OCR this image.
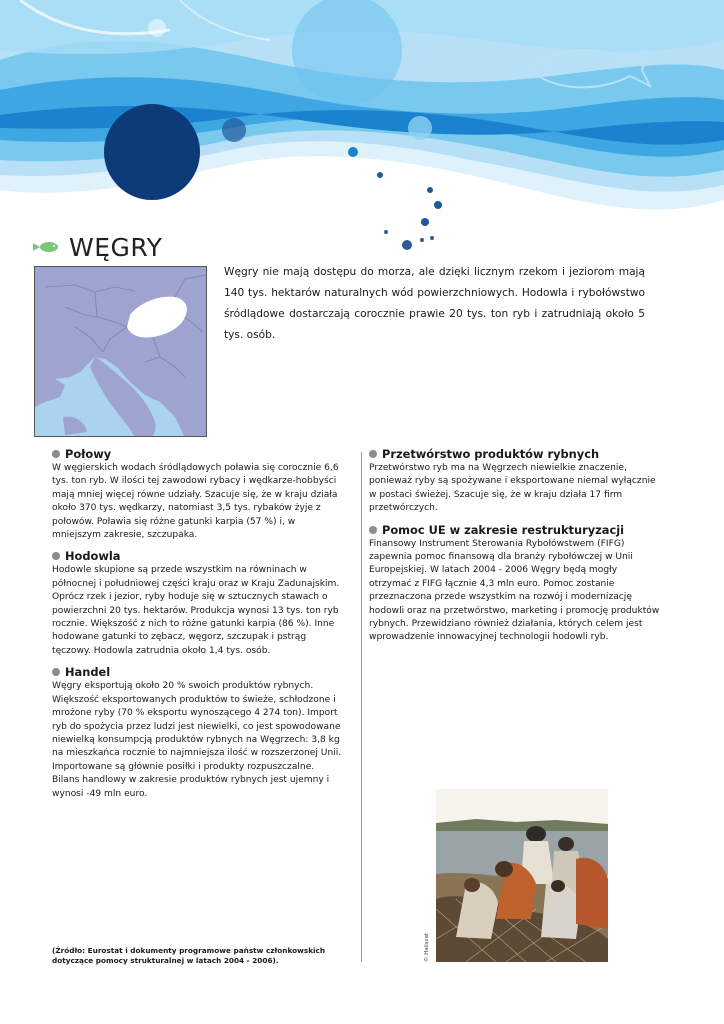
WĘGRY

Węgry nie mają dostępu do morza, ale dzięki licznym rzekom i jeziorom mają 140 tys. hektarów naturalnych wód powierzchniowych. Hodowla i rybołówstwo śródlądowe dostarczają corocznie prawie 20 tys. ton ryb i zatrudniają około 5 tys. osób.

Połowy

W węgierskich wodach śródlądowych poławia się corocznie 6,6 tys. ton ryb. W ilości tej zawodowi rybacy i wędkarze-hobbyści mają mniej więcej równe udziały. Szacuje się, że w kraju działa około 370 tys. wędkarzy, natomiast 3,5 tys. rybaków żyje z połowów. Poławia się różne gatunki karpia (57 %) i, w mniejszym zakresie, szczupaka.

Hodowla

Hodowle skupione są przede wszystkim na równinach w północnej i południowej części kraju oraz w Kraju Zadunajskim. Oprócz rzek i jezior, ryby hoduje się w sztucznych stawach o powierzchni 20 tys. hektarów. Produkcja wynosi 13 tys. ton ryb rocznie. Większość z nich to różne gatunki karpia (86 %). Inne hodowane gatunki to zębacz, węgorz, szczupak i pstrąg tęczowy. Hodowla zatrudnia około 1,4 tys. osób.

Handel

Węgry eksportują około 20 % swoich produktów rybnych. Większość eksportowanych produktów to świeże, schłodzone i mrożone ryby (70 % eksportu wynoszącego 4 274 ton). Import ryb do spożycia przez ludzi jest niewielki, co jest spowodowane niewielką konsumpcją produktów rybnych na Węgrzech: 3,8 kg na mieszkańca rocznie to najmniejsza ilość w rozszerzonej Unii. Importowane są głównie posiłki i produkty rozpuszczalne. Bilans handlowy w zakresie produktów rybnych jest ujemny i wynosi -49 mln euro.

Przetwórstwo produktów rybnych

Przetwórstwo ryb ma na Węgrzech niewielkie znaczenie, ponieważ ryby są spożywane i eksportowane niemal wyłącznie w postaci świeżej. Szacuje się, że w kraju działa 17 firm przetwórczych.

Pomoc UE w zakresie restrukturyzacji

Finansowy Instrument Sterowania Rybołówstwem (FIFG) zapewnia pomoc finansową dla branży rybołówczej w Unii Europejskiej. W latach 2004 - 2006 Węgry będą mogły otrzymać z FIFG łącznie 4,3 mln euro. Pomoc zostanie przeznaczona przede wszystkim na rozwój i modernizację hodowli oraz na przetwórstwo, marketing i promocję produktów rybnych. Przewidziano również działania, których celem jest wprowadzenie innowacyjnej technologii hodowli ryb.

(Źródło: Eurostat i dokumenty programowe państw członkowskich dotyczące pomocy strukturalnej w latach 2004 - 2006).	© Haliszat
